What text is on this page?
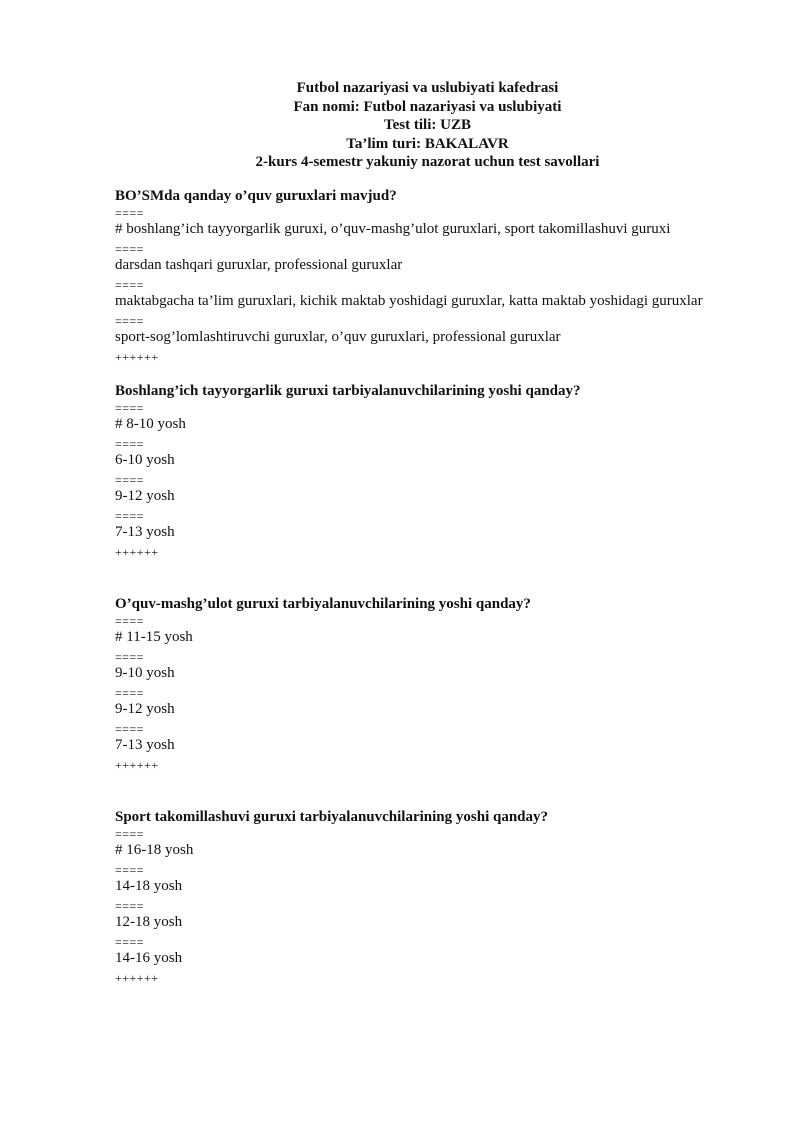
Futbol nazariyasi va uslubiyati kafedrasi
Fan nomi: Futbol nazariyasi va uslubiyati
Test tili: UZB
Ta’lim turi: BAKALAVR
2-kurs 4-semestr yakuniy nazorat uchun test savollari

BO’SMda qanday o’quv guruxlari mavjud?

====

# boshlang’ich tayyorgarlik guruxi, o’quv-mashg’ulot guruxlari, sport takomillashuvi guruxi

====

darsdan tashqari guruxlar, professional guruxlar

====

maktabgacha ta’lim guruxlari, kichik maktab yoshidagi guruxlar, katta maktab yoshidagi guruxlar

====

sport-sog’lomlashtiruvchi guruxlar, o’quv guruxlari, professional guruxlar

++++++

Boshlang’ich tayyorgarlik guruxi tarbiyalanuvchilarining yoshi qanday?

====

# 8-10 yosh

====

6-10 yosh

====

9-12 yosh

====

7-13 yosh

++++++

O’quv-mashg’ulot guruxi tarbiyalanuvchilarining yoshi qanday?

====

# 11-15 yosh

====

9-10 yosh

====

9-12 yosh

====

7-13 yosh

++++++

Sport takomillashuvi guruxi tarbiyalanuvchilarining yoshi qanday?

====

# 16-18 yosh

====

14-18 yosh

====

12-18 yosh

====

14-16 yosh

++++++
